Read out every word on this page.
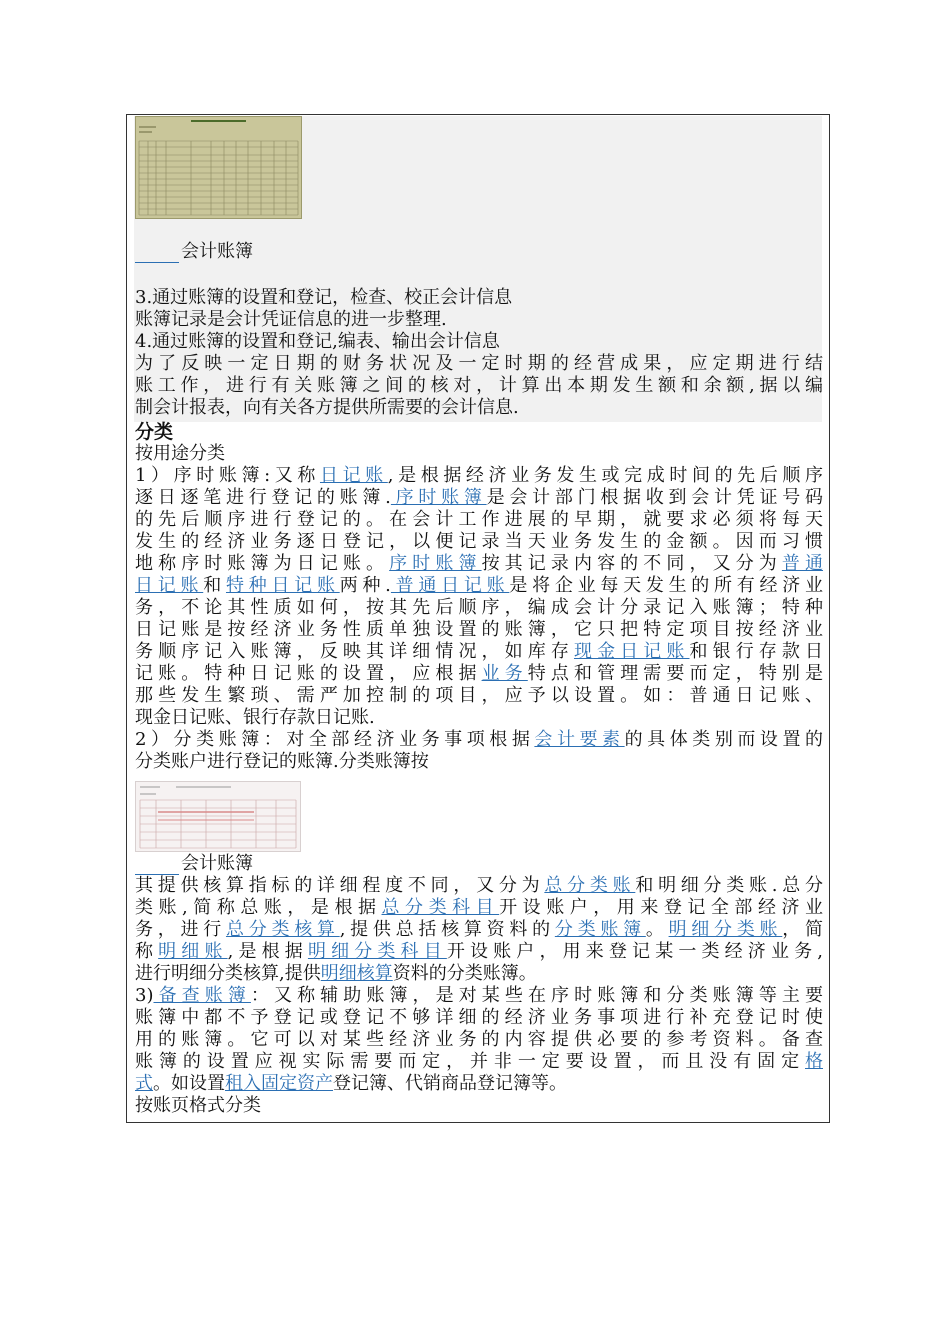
会计账簿
3.通过账簿的设置和登记，检查、校正会计信息
账簿记录是会计凭证信息的进一步整理.
4.通过账簿的设置和登记,编表、输出会计信息
为了反映一定日期的财务状况及一定时期的经营成果，应定期进行结
账工作，进行有关账簿之间的核对，计算出本期发生额和余额,据以编
制会计报表，向有关各方提供所需要的会计信息.
分类
按用途分类
1）序时账簿:又称日记账,是根据经济业务发生或完成时间的先后顺序
逐日逐笔进行登记的账簿.序时账簿是会计部门根据收到会计凭证号码
的先后顺序进行登记的。在会计工作进展的早期，就要求必须将每天
发生的经济业务逐日登记，以便记录当天业务发生的金额。因而习惯
地称序时账簿为日记账。序时账簿按其记录内容的不同，又分为普通
日记账和特种日记账两种.普通日记账是将企业每天发生的所有经济业
务，不论其性质如何，按其先后顺序，编成会计分录记入账簿；特种
日记账是按经济业务性质单独设置的账簿，它只把特定项目按经济业
务顺序记入账簿，反映其详细情况，如库存现金日记账和银行存款日
记账。特种日记账的设置，应根据业务特点和管理需要而定，特别是
那些发生繁琐、需严加控制的项目，应予以设置。如：普通日记账、
现金日记账、银行存款日记账.
2）分类账簿：对全部经济业务事项根据会计要素的具体类别而设置的
分类账户进行登记的账簿.分类账簿按
会计账簿
其提供核算指标的详细程度不同，又分为总分类账和明细分类账.总分
类账,简称总账，是根据总分类科目开设账户，用来登记全部经济业
务，进行总分类核算,提供总括核算资料的分类账簿。明细分类账，简
称明细账,是根据明细分类科目开设账户，用来登记某一类经济业务,
进行明细分类核算,提供明细核算资料的分类账簿。
3)备查账簿：又称辅助账簿，是对某些在序时账簿和分类账簿等主要
账簿中都不予登记或登记不够详细的经济业务事项进行补充登记时使
用的账簿。它可以对某些经济业务的内容提供必要的参考资料。备查
账簿的设置应视实际需要而定，并非一定要设置，而且没有固定格
式。如设置租入固定资产登记簿、代销商品登记簿等。
按账页格式分类
